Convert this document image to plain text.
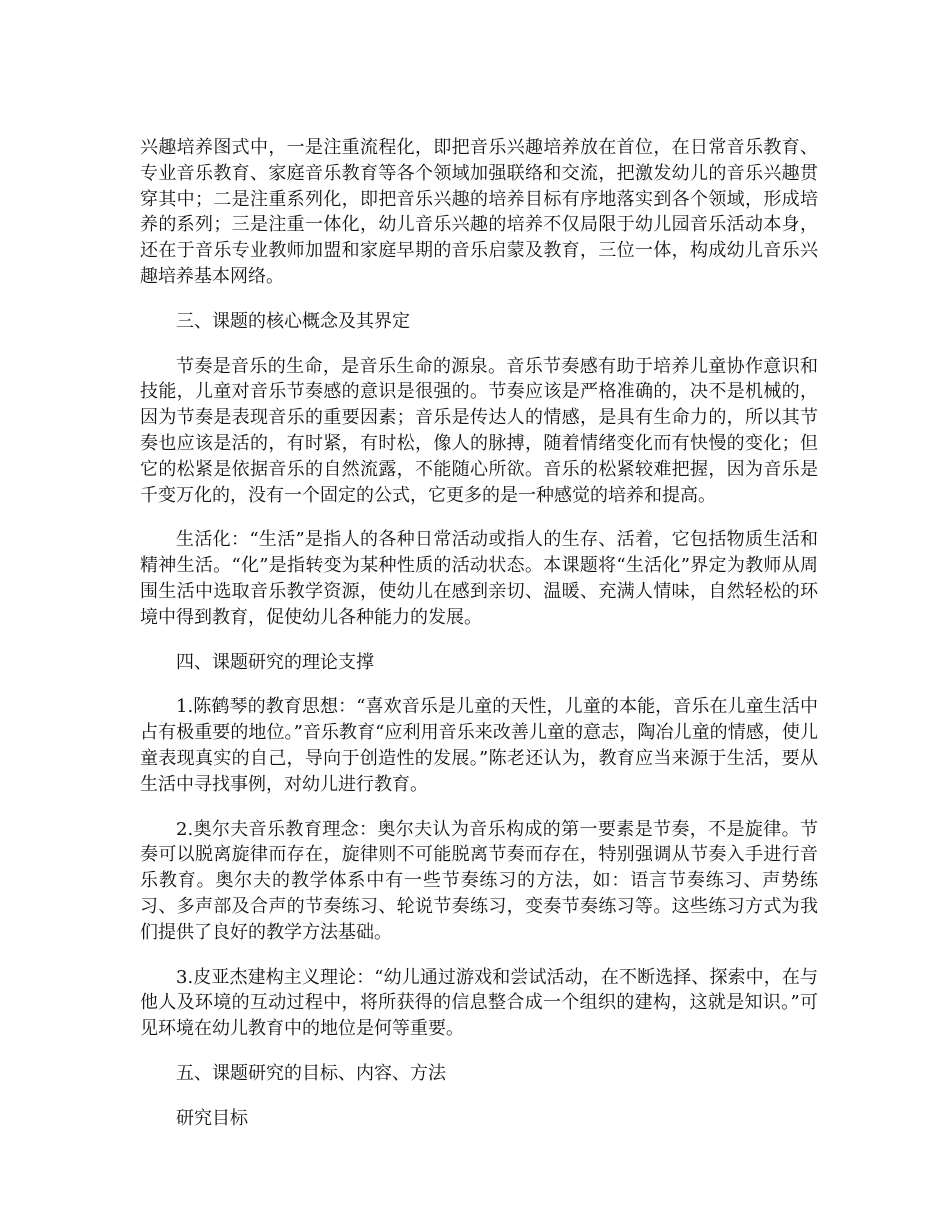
兴趣培养图式中，一是注重流程化，即把音乐兴趣培养放在首位，在日常音乐教育、专业音乐教育、家庭音乐教育等各个领域加强联络和交流，把激发幼儿的音乐兴趣贯穿其中；二是注重系列化，即把音乐兴趣的培养目标有序地落实到各个领域，形成培养的系列；三是注重一体化，幼儿音乐兴趣的培养不仅局限于幼儿园音乐活动本身，还在于音乐专业教师加盟和家庭早期的音乐启蒙及教育，三位一体，构成幼儿音乐兴趣培养基本网络。

三、课题的核心概念及其界定

节奏是音乐的生命，是音乐生命的源泉。音乐节奏感有助于培养儿童协作意识和技能，儿童对音乐节奏感的意识是很强的。节奏应该是严格准确的，决不是机械的，因为节奏是表现音乐的重要因素；音乐是传达人的情感，是具有生命力的，所以其节奏也应该是活的，有时紧，有时松，像人的脉搏，随着情绪变化而有快慢的变化；但它的松紧是依据音乐的自然流露，不能随心所欲。音乐的松紧较难把握，因为音乐是千变万化的，没有一个固定的公式，它更多的是一种感觉的培养和提高。

生活化：“生活”是指人的各种日常活动或指人的生存、活着，它包括物质生活和精神生活。“化”是指转变为某种性质的活动状态。本课题将“生活化”界定为教师从周围生活中选取音乐教学资源，使幼儿在感到亲切、温暖、充满人情味，自然轻松的环境中得到教育，促使幼儿各种能力的发展。

四、课题研究的理论支撑

1.陈鹤琴的教育思想：“喜欢音乐是儿童的天性，儿童的本能，音乐在儿童生活中占有极重要的地位。”音乐教育“应利用音乐来改善儿童的意志，陶冶儿童的情感，使儿童表现真实的自己，导向于创造性的发展。”陈老还认为，教育应当来源于生活，要从生活中寻找事例，对幼儿进行教育。

2.奥尔夫音乐教育理念：奥尔夫认为音乐构成的第一要素是节奏，不是旋律。节奏可以脱离旋律而存在，旋律则不可能脱离节奏而存在，特别强调从节奏入手进行音乐教育。奥尔夫的教学体系中有一些节奏练习的方法，如：语言节奏练习、声势练习、多声部及合声的节奏练习、轮说节奏练习，变奏节奏练习等。这些练习方式为我们提供了良好的教学方法基础。

3.皮亚杰建构主义理论：“幼儿通过游戏和尝试活动，在不断选择、探索中，在与他人及环境的互动过程中，将所获得的信息整合成一个组织的建构，这就是知识。”可见环境在幼儿教育中的地位是何等重要。

五、课题研究的目标、内容、方法
研究目标
